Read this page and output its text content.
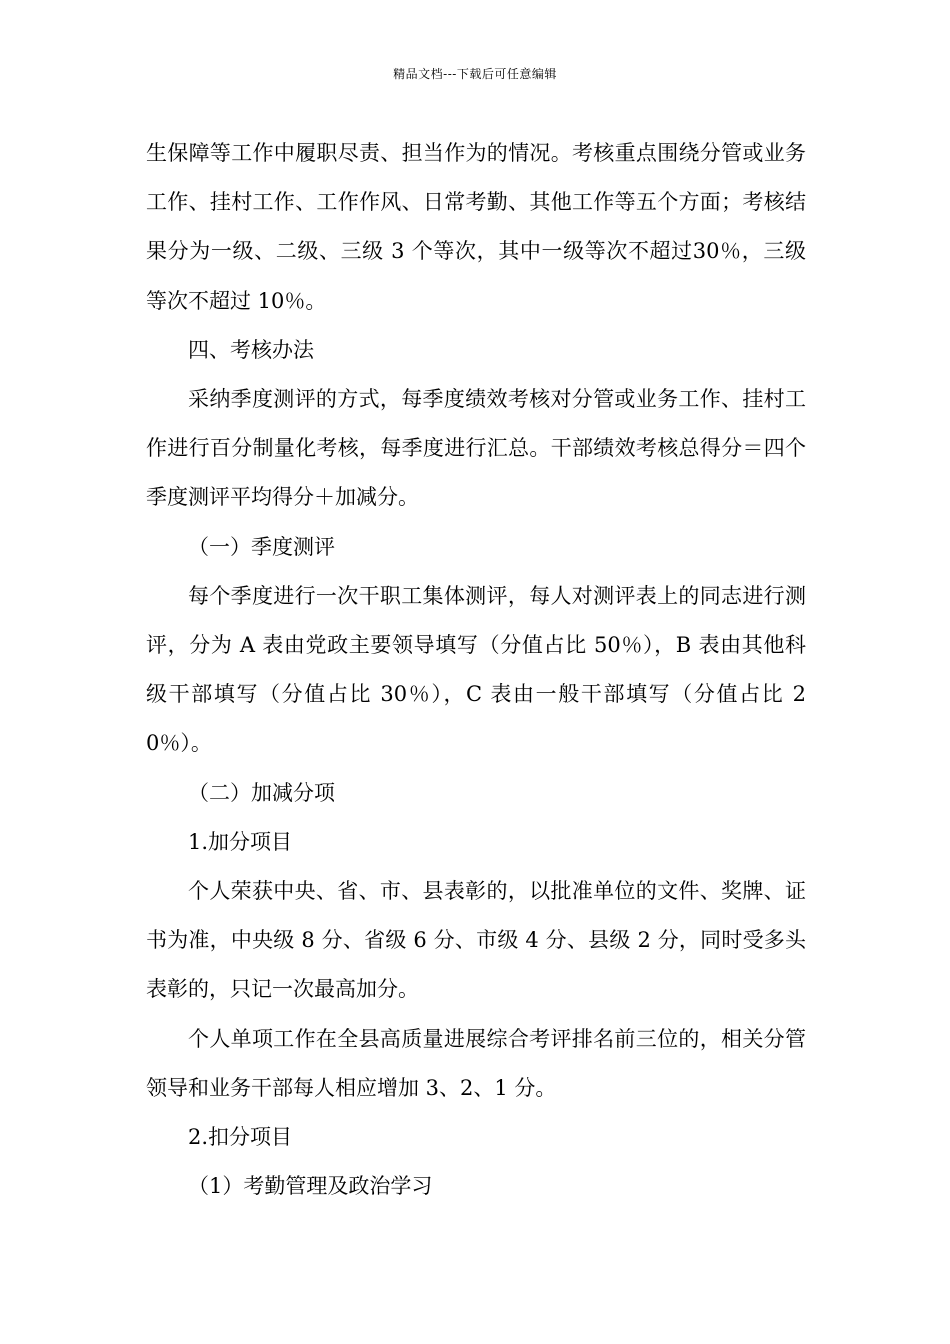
精品文档---下载后可任意编辑

生保障等工作中履职尽责、担当作为的情况。考核重点围绕分管或业务工作、挂村工作、工作作风、日常考勤、其他工作等五个方面；考核结果分为一级、二级、三级 3 个等次，其中一级等次不超过30％，三级等次不超过 10％。

四、考核办法

采纳季度测评的方式，每季度绩效考核对分管或业务工作、挂村工作进行百分制量化考核，每季度进行汇总。干部绩效考核总得分＝四个季度测评平均得分＋加减分。

（一）季度测评

每个季度进行一次干职工集体测评，每人对测评表上的同志进行测评，分为 A 表由党政主要领导填写（分值占比 50％），B 表由其他科级干部填写（分值占比 30％），C 表由一般干部填写（分值占比 20％）。

（二）加减分项

1.加分项目

个人荣获中央、省、市、县表彰的，以批准单位的文件、奖牌、证书为准，中央级 8 分、省级 6 分、市级 4 分、县级 2 分，同时受多头表彰的，只记一次最高加分。

个人单项工作在全县高质量进展综合考评排名前三位的，相关分管领导和业务干部每人相应增加 3、2、1 分。

2.扣分项目

（1）考勤管理及政治学习
